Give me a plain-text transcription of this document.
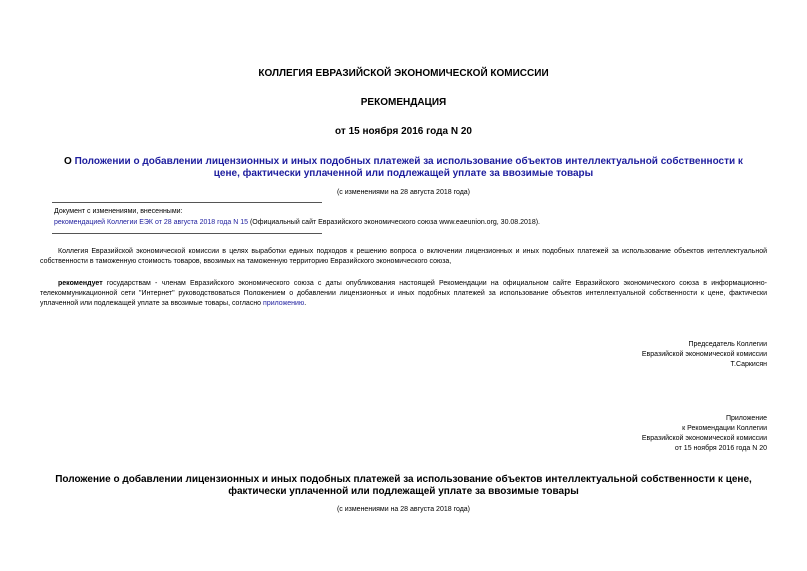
КОЛЛЕГИЯ ЕВРАЗИЙСКОЙ ЭКОНОМИЧЕСКОЙ КОМИССИИ
РЕКОМЕНДАЦИЯ
от 15 ноября 2016 года N 20
О Положении о добавлении лицензионных и иных подобных платежей за использование объектов интеллектуальной собственности к цене, фактически уплаченной или подлежащей уплате за ввозимые товары
(с изменениями на 28 августа 2018 года)
Документ с изменениями, внесенными:
рекомендацией Коллегии ЕЭК от 28 августа 2018 года N 15 (Официальный сайт Евразийского экономического союза www.eaeunion.org, 30.08.2018).
Коллегия Евразийской экономической комиссии в целях выработки единых подходов к решению вопроса о включении лицензионных и иных подобных платежей за использование объектов интеллектуальной собственности в таможенную стоимость товаров, ввозимых на таможенную территорию Евразийского экономического союза,
рекомендует государствам - членам Евразийского экономического союза с даты опубликования настоящей Рекомендации на официальном сайте Евразийского экономического союза в информационно-телекоммуникационной сети "Интернет" руководствоваться Положением о добавлении лицензионных и иных подобных платежей за использование объектов интеллектуальной собственности к цене, фактически уплаченной или подлежащей уплате за ввозимые товары, согласно приложению.
Председатель Коллегии
Евразийской экономической комиссии
Т.Саркисян
Приложение
к Рекомендации Коллегии
Евразийской экономической комиссии
от 15 ноября 2016 года N 20
Положение о добавлении лицензионных и иных подобных платежей за использование объектов интеллектуальной собственности к цене, фактически уплаченной или подлежащей уплате за ввозимые товары
(с изменениями на 28 августа 2018 года)
